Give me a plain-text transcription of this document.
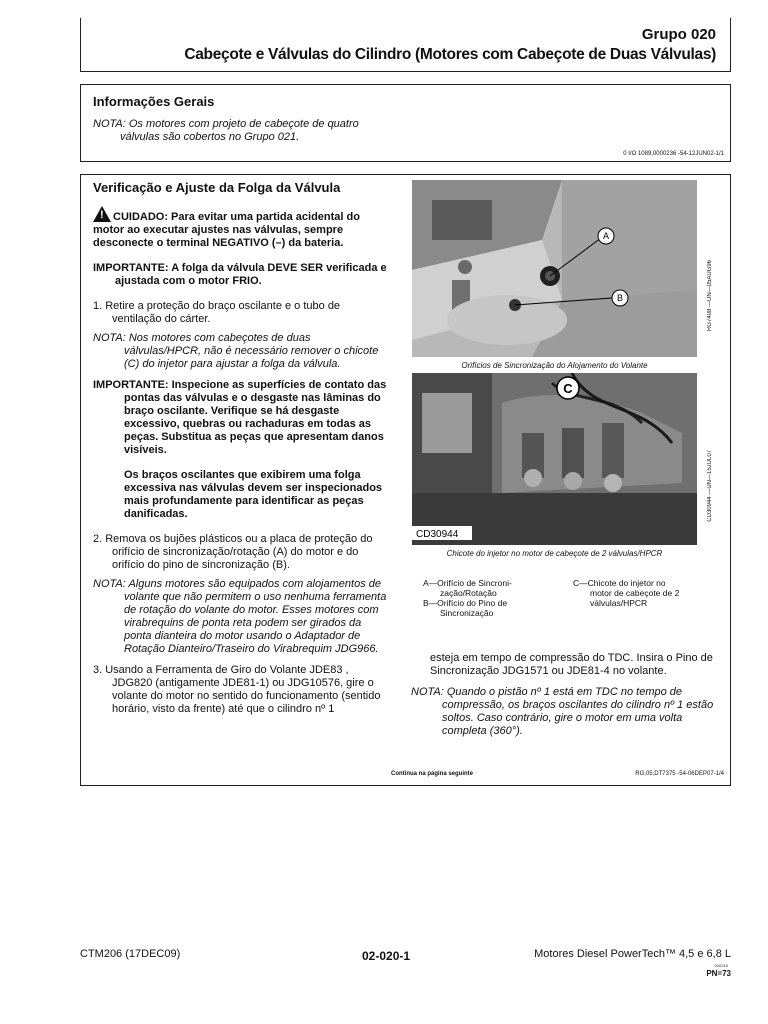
Grupo 020
Cabeçote e Válvulas do Cilindro (Motores com Cabeçote de Duas Válvulas)
Informações Gerais
NOTA: Os motores com projeto de cabeçote de quatro
válvulas são cobertos no Grupo 021.
0 I/O 1089,0000236 -54-12JUN02-1/1

Verificação e Ajuste da Folga da Válvula

! CUIDADO: Para evitar uma partida acidental do motor ao executar ajustes nas válvulas, sempre desconecte o terminal NEGATIVO (–) da bateria.

IMPORTANTE: A folga da válvula DEVE SER verificada e ajustada com o motor FRIO.

1. Retire a proteção do braço oscilante e o tubo de ventilação do cárter.

NOTA: Nos motores com cabeçotes de duas válvulas/HPCR, não é necessário remover o chicote (C) do injetor para ajustar a folga da válvula.

IMPORTANTE: Inspecione as superfícies de contato das pontas das válvulas e o desgaste nas lâminas do braço oscilante. Verifique se há desgaste excessivo, quebras ou rachaduras em todas as peças. Substitua as peças que apresentam danos visíveis.

Os braços oscilantes que exibirem uma folga excessiva nas válvulas devem ser inspecionados mais profundamente para identificar as peças danificadas.

2. Remova os bujões plásticos ou a placa de proteção do orifício de sincronização/rotação (A) do motor e do orifício do pino de sincronização (B).

NOTA: Alguns motores são equipados com alojamentos de volante que não permitem o uso nenhuma ferramenta de rotação do volante do motor. Esses motores com virabrequins de ponta reta podem ser girados da ponta dianteira do motor usando o Adaptador de Rotação Dianteiro/Traseiro do Virabrequim JDG966.

3. Usando a Ferramenta de Giro do Volante JDE83 , JDG820 (antigamente JDE81-1) ou JDG10576, gire o volante do motor no sentido do funcionamento (sentido horário, visto da frente) até que o cilindro nº 1

A
B	RG7408 —UN—05AUG96
Orifícios de Sincronização do Alojamento do Volante
C
CD30944
CD30944 —UN—15JUL07
Chicote do injetor no motor de cabeçote de 2 válvulas/HPCR
A—Orifício de Sincroni-
zação/Rotação
B—Orifício do Pino de
Sincronização
C—Chicote do injetor no
motor de cabeçote de 2
válvulas/HPCR

esteja em tempo de compressão do TDC. Insira o Pino de Sincronização JDG1571 ou JDE81-4 no volante.

NOTA: Quando o pistão nº 1 está em TDC no tempo de compressão, os braços oscilantes do cilindro nº 1 estão soltos. Caso contrário, gire o motor em uma volta completa (360°).

Continua na página seguinte	RG,05,DT7375 -54-06DEP07-1/4
CTM206 (17DEC09)	02-020-1	Motores Diesel PowerTech™ 4,5 e 6,8 L
010210
PN=73
